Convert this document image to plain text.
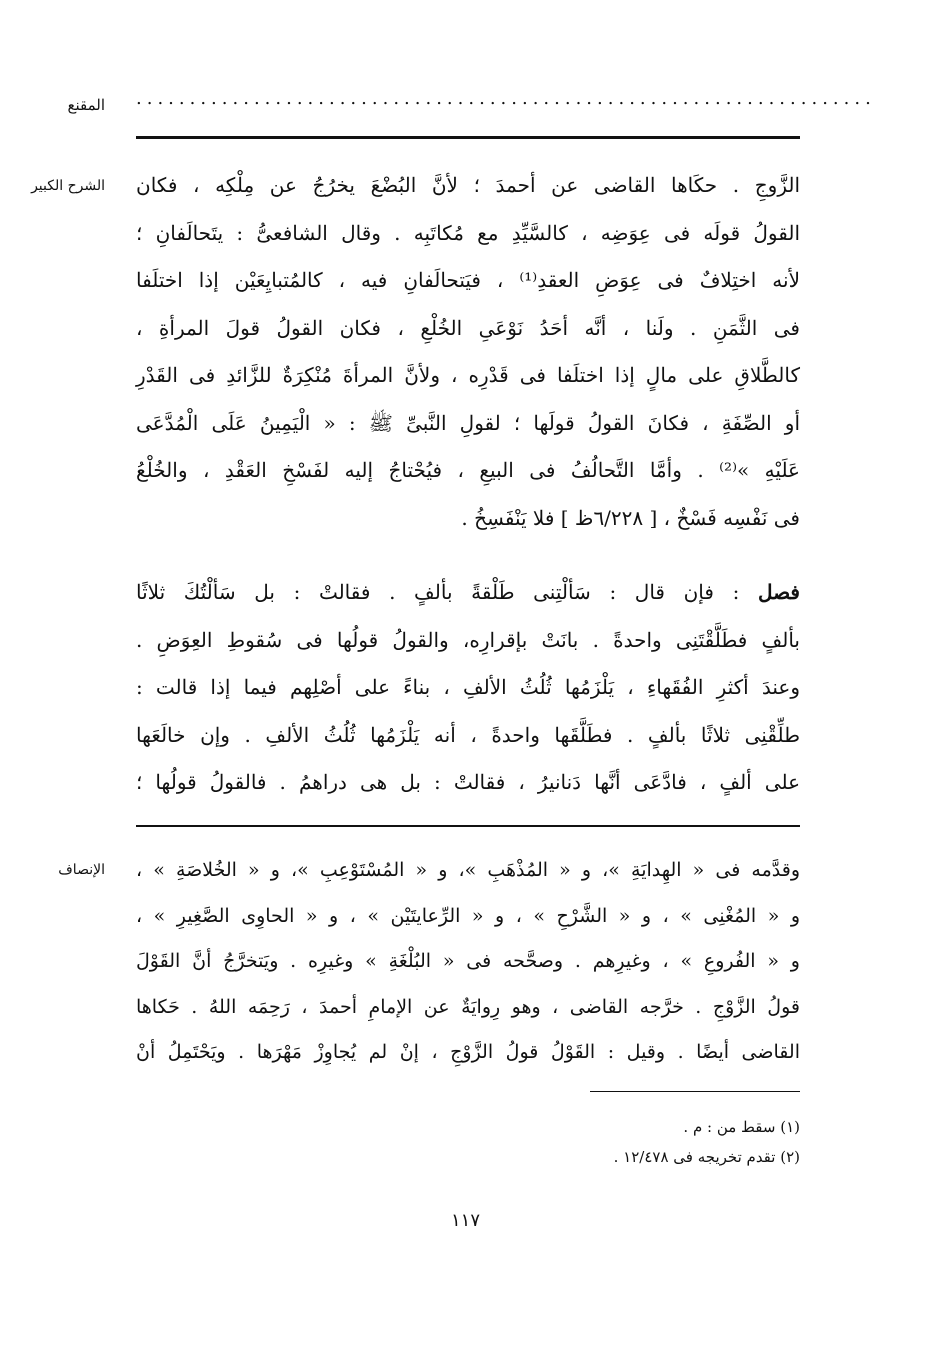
المقنع .....................................................................
الشرح الكبير
الإنصاف
الزَّوجِ . حكَاها القاضى عن أحمدَ ؛ لأنَّ البُضْعَ يخرُجُ عن مِلْكِه ، فكان
القولُ قولَه فى عِوَضِه ، كالسَّيِّدِ مع مُكاتَبِه . وقال الشافعىُّ : يتَحالَفانِ ؛
لأنه اختِلافٌ فى عِوَضِ العقدِ⁽¹⁾ ، فيَتحالَفانِ فيه ، كالمُتبايِعَيْن إذا اختلَفا
فى الثَّمَنِ . ولَنا ، أنَّه أحَدُ نَوْعَىِ الخُلْعِ ، فكان القولُ قولَ المرأةِ ،
كالطَّلاقِ على مالٍ إذا اختلَفا فى قَدْرِه ، ولأنَّ المرأةَ مُنْكِرَةٌ للزَّائدِ فى القَدْرِ
أو الصِّفَةِ ، فكانَ القولُ قولَها ؛ لقولِ النَّبىِّ ﷺ : « الْيَمِينُ عَلَى الْمُدَّعَى
عَلَيْهِ »⁽²⁾ . وأمَّا التَّحالُفُ فى البيعِ ، فيُحْتاجُ إليه لفَسْخِ العَقْدِ ، والخُلْعُ
فى نَفْسِه فَسْخٌ ، [ ٦/٢٢٨ظ ] فلا يَنْفَسِخُ .
فصل : فإن قال : سَألْتِنى طَلْقةً بألفٍ . فقالتْ : بل سَألْتُكَ ثلاثًا
بألفٍ فطَلَّقْتَنِى واحدةً . بانَتْ بإقرارِه، والقولُ قولُها فى سُقوطِ العِوَضِ .
وعندَ أكثرِ الفُقَهاءِ ، يَلْزَمُها ثُلُثُ الألفِ ، بناءً على أصْلِهم فيما إذا قالت :
طلِّقْنِى ثلاثًا بألفٍ . فطَلَّقَها واحدةً ، أنه يَلْزَمُها ثُلُثُ الألفِ . وإن خالَعَها
على ألفٍ ، فادَّعَى أنَّها دَنانيرُ ، فقالتْ : بل هى دراهمُ . فالقولُ قولُها ؛
وقدَّمه فى « الهِدايَةِ »، و « المُذْهَبِ »، و « المُسْتَوْعِبِ »، و « الخُلاصَةِ » ،
و « المُغْنِى » ، و « الشَّرْحِ » ، و « الرِّعايتَيْن » ، و « الحاوِى الصَّغِيرِ » ،
و « الفُروعِ » ، وغيرِهم . وصحَّحه فى « البُلْغَةِ » وغيرِه . ويَتخرَّجُ أنَّ القَوْلَ
قولُ الزَّوْجِ . خرَّجه القاضى ، وهو رِوايَةٌ عن الإمامِ أحمدَ ، رَحِمَه اللهُ . حَكاها
القاضى أيضًا . وقيل : القَوْلُ قولُ الزَّوْجِ ، إنْ لم يُجاوِزْ مَهْرَها . ويَحْتَمِلُ أنْ
(١) سقط من : م .
(٢) تقدم تخريجه فى ١٢/٤٧٨ .
١١٧
